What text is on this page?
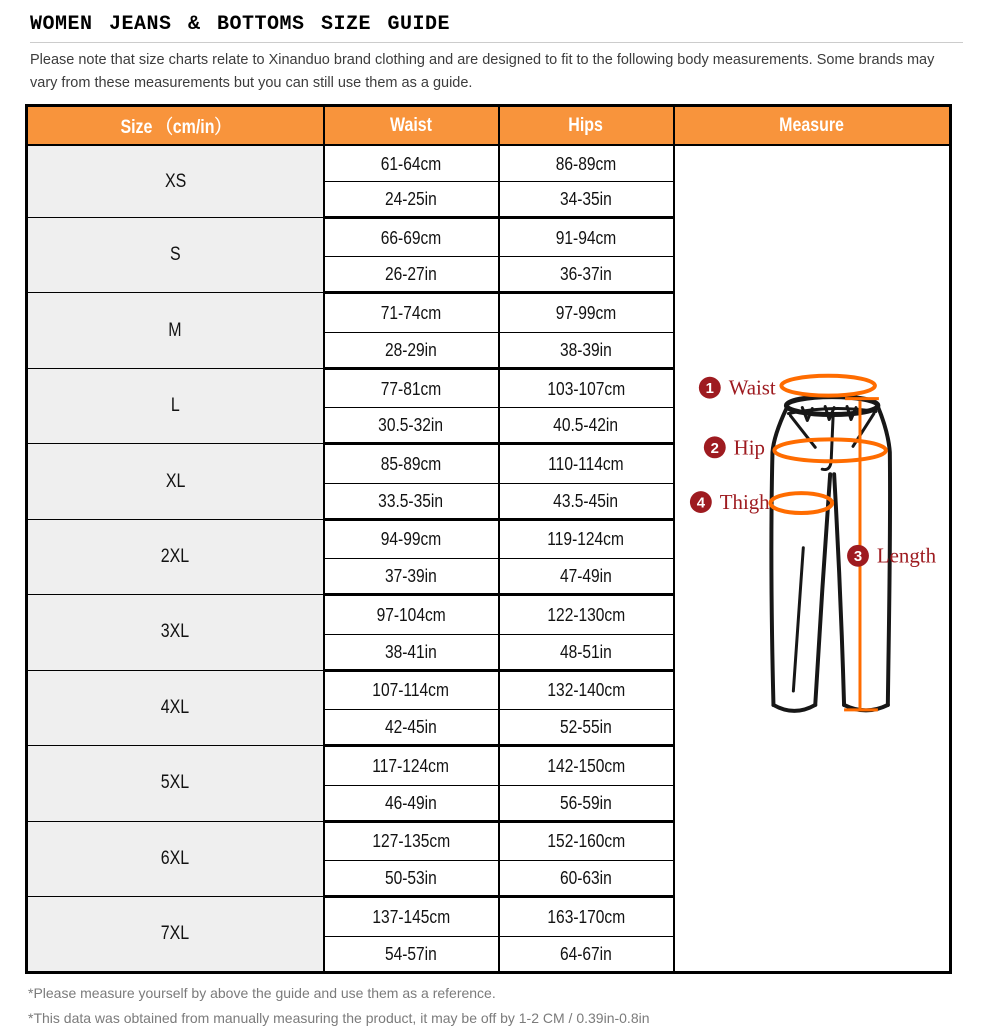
WOMEN JEANS & BOTTOMS SIZE GUIDE

Please note that size charts relate to Xinanduo brand clothing and are designed to fit to the following body measurements. Some brands may vary from these measurements but you can still use them as a guide.

Size （cm/in）	Waist	Hips	Measure
XS	61-64cm	86-89cm	
1 Waist
2 Hip
4 Thigh
3 Length

	24-25in	34-35in	
S	66-69cm	91-94cm	
	26-27in	36-37in	
M	71-74cm	97-99cm	
	28-29in	38-39in	
L	77-81cm	103-107cm	
	30.5-32in	40.5-42in	
XL	85-89cm	110-114cm	
	33.5-35in	43.5-45in	
2XL	94-99cm	119-124cm	
	37-39in	47-49in	
3XL	97-104cm	122-130cm	
	38-41in	48-51in	
4XL	107-114cm	132-140cm	
	42-45in	52-55in	
5XL	117-124cm	142-150cm	
	46-49in	56-59in	
6XL	127-135cm	152-160cm	
	50-53in	60-63in	
7XL	137-145cm	163-170cm	
	54-57in	64-67in	

*Please measure yourself by above the guide and use them as a reference.

*This data was obtained from manually measuring the product, it may be off by 1-2 CM / 0.39in-0.8in
